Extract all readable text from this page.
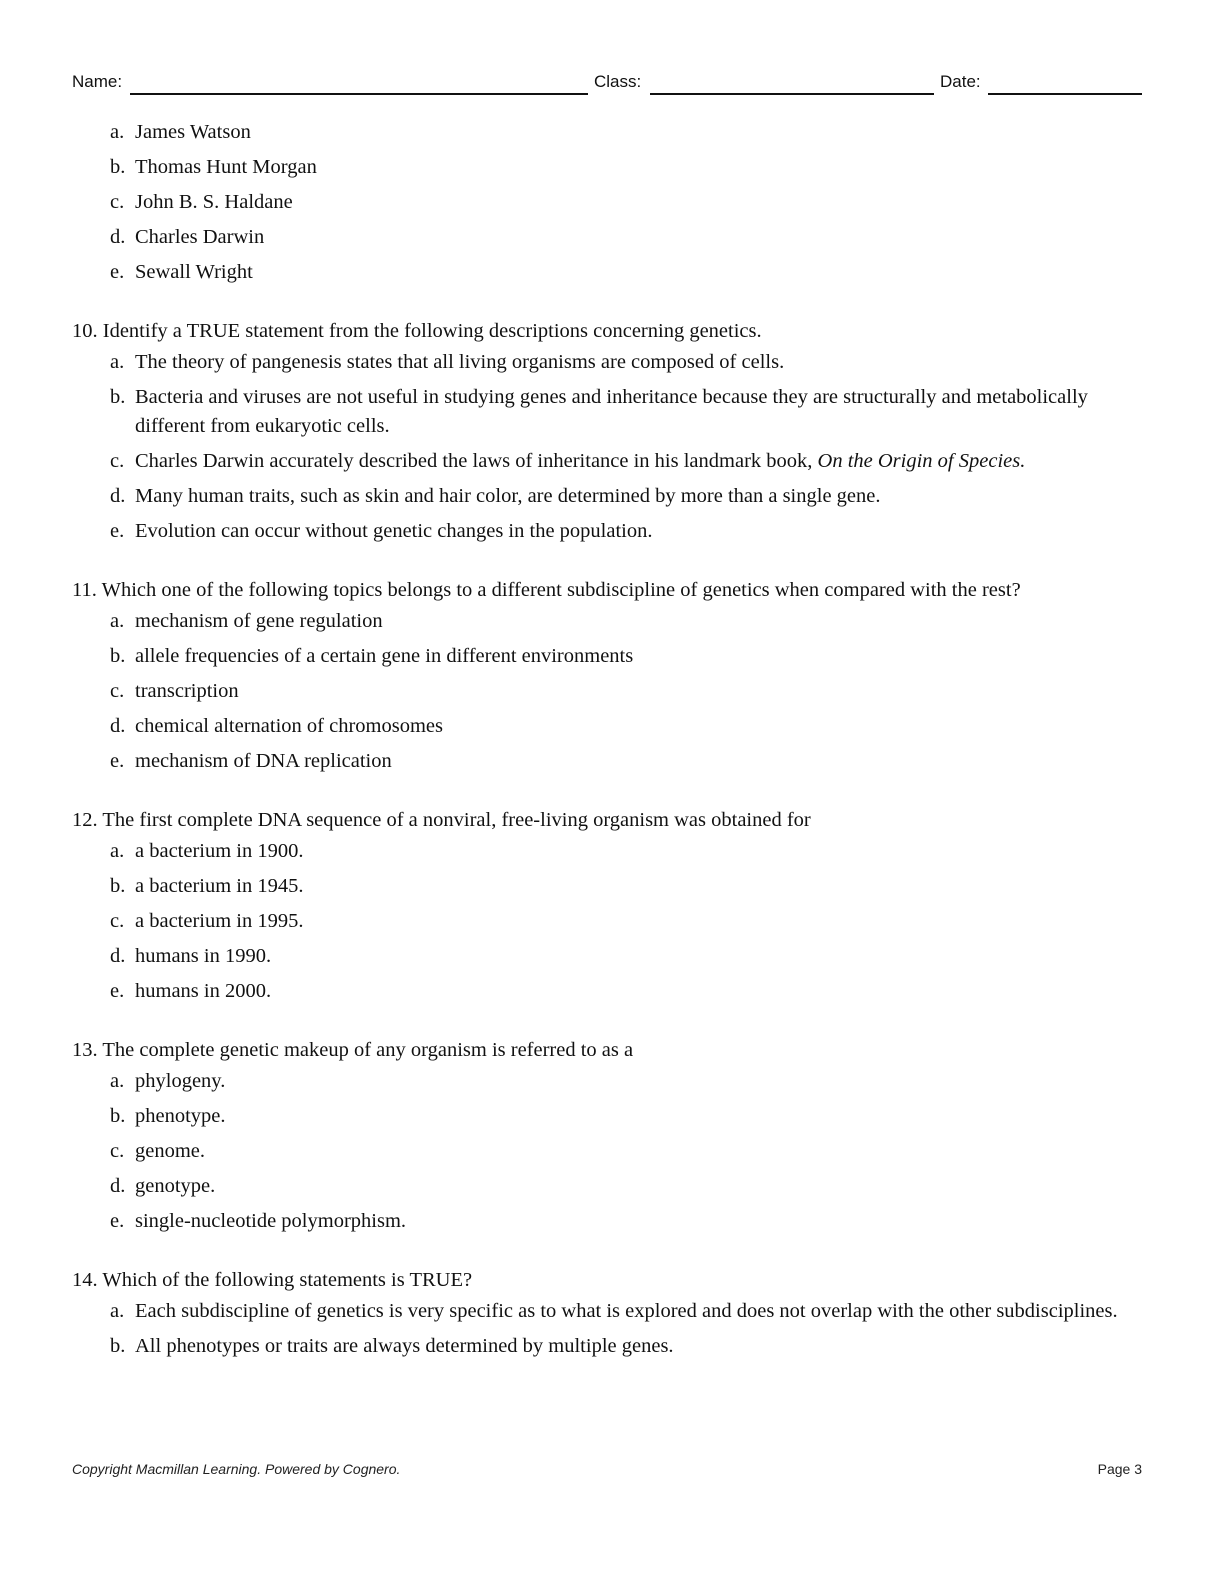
Name:	Class:	Date:
a. James Watson
b. Thomas Hunt Morgan
c. John B. S. Haldane
d. Charles Darwin
e. Sewall Wright
10. Identify a TRUE statement from the following descriptions concerning genetics.
a. The theory of pangenesis states that all living organisms are composed of cells.
b. Bacteria and viruses are not useful in studying genes and inheritance because they are structurally and metabolically different from eukaryotic cells.
c. Charles Darwin accurately described the laws of inheritance in his landmark book, On the Origin of Species.
d. Many human traits, such as skin and hair color, are determined by more than a single gene.
e. Evolution can occur without genetic changes in the population.
11. Which one of the following topics belongs to a different subdiscipline of genetics when compared with the rest?
a. mechanism of gene regulation
b. allele frequencies of a certain gene in different environments
c. transcription
d. chemical alternation of chromosomes
e. mechanism of DNA replication
12. The first complete DNA sequence of a nonviral, free-living organism was obtained for
a. a bacterium in 1900.
b. a bacterium in 1945.
c. a bacterium in 1995.
d. humans in 1990.
e. humans in 2000.
13. The complete genetic makeup of any organism is referred to as a
a. phylogeny.
b. phenotype.
c. genome.
d. genotype.
e. single-nucleotide polymorphism.
14. Which of the following statements is TRUE?
a. Each subdiscipline of genetics is very specific as to what is explored and does not overlap with the other subdisciplines.
b. All phenotypes or traits are always determined by multiple genes.
Copyright Macmillan Learning. Powered by Cognero.	Page 3
